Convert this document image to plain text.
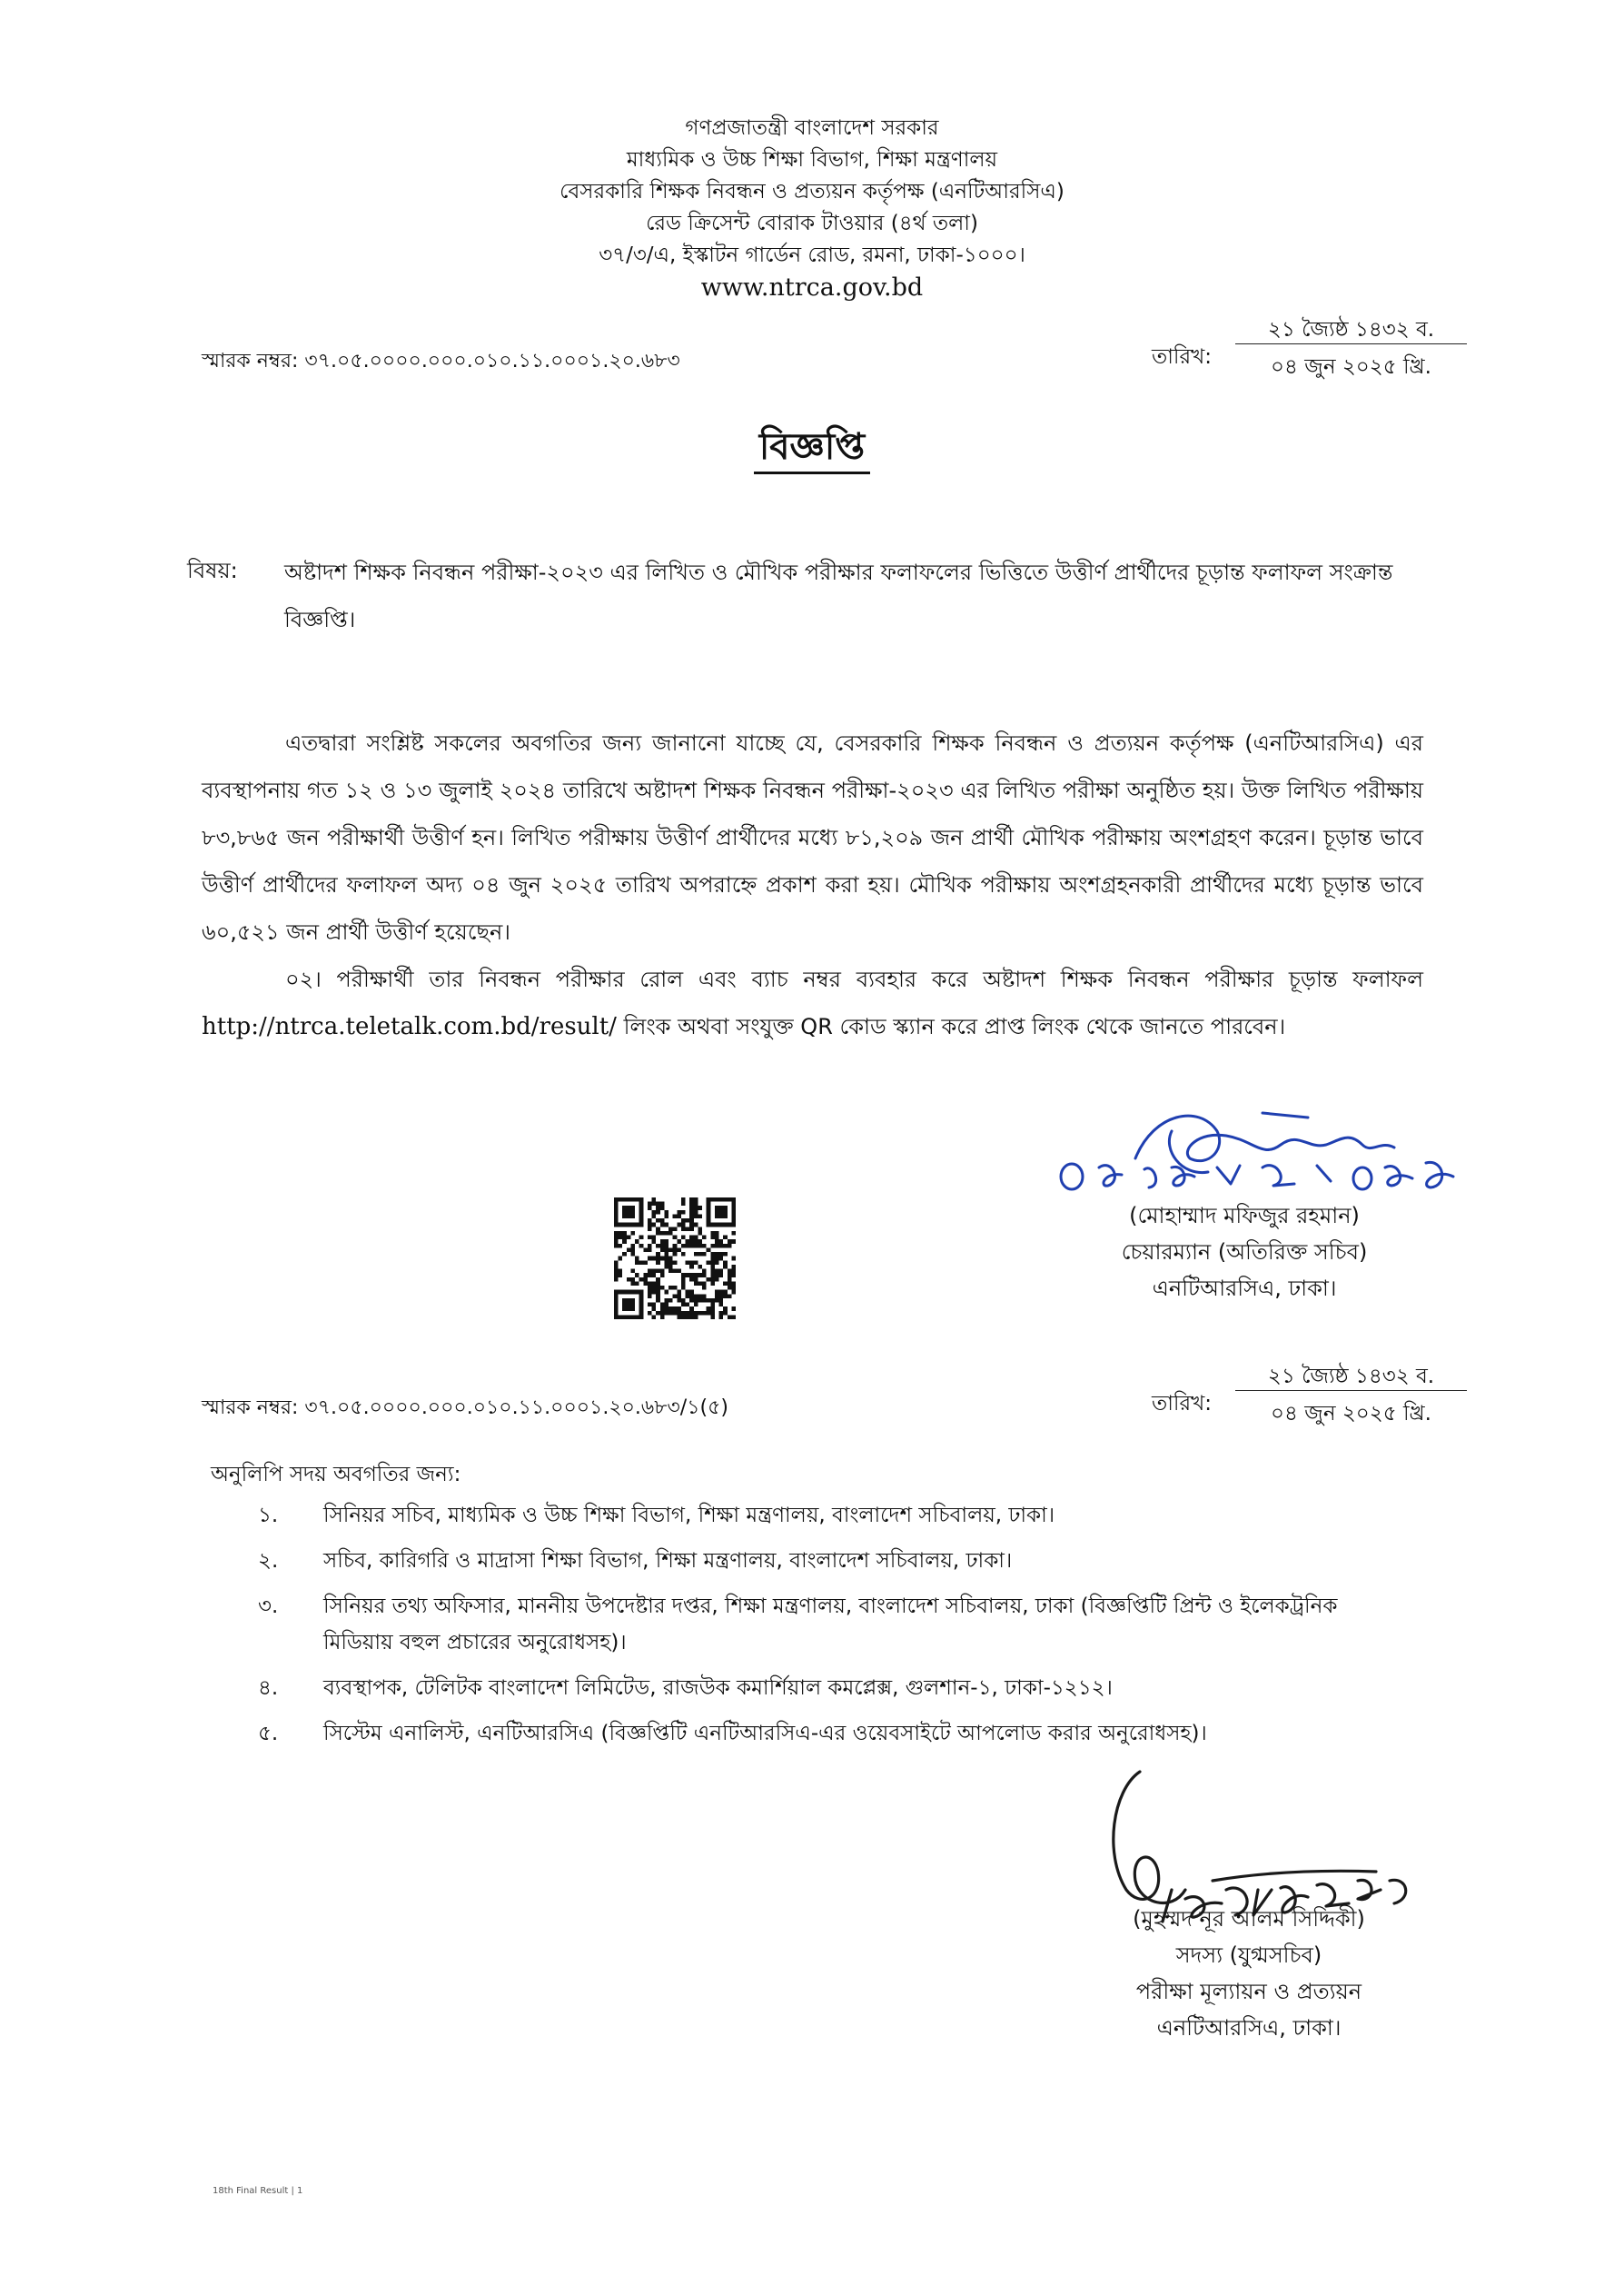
গণপ্রজাতন্ত্রী বাংলাদেশ সরকার
মাধ্যমিক ও উচ্চ শিক্ষা বিভাগ, শিক্ষা মন্ত্রণালয়
বেসরকারি শিক্ষক নিবন্ধন ও প্রত্যয়ন কর্তৃপক্ষ (এনটিআরসিএ)
রেড ক্রিসেন্ট বোরাক টাওয়ার (৪র্থ তলা)
৩৭/৩/এ, ইস্কাটন গার্ডেন রোড, রমনা, ঢাকা-১০০০।
www.ntrca.gov.bd
স্মারক নম্বর: ৩৭.০৫.০০০০.০০০.০১০.১১.০০০১.২০.৬৮৩	তারিখ:
২১ জ্যৈষ্ঠ ১৪৩২ ব.
০৪ জুন ২০২৫ খ্রি.
বিজ্ঞপ্তি
বিষয়: অষ্টাদশ শিক্ষক নিবন্ধন পরীক্ষা-২০২৩ এর লিখিত ও মৌখিক পরীক্ষার ফলাফলের ভিত্তিতে উত্তীর্ণ প্রার্থীদের চূড়ান্ত ফলাফল সংক্রান্ত বিজ্ঞপ্তি।
এতদ্বারা সংশ্লিষ্ট সকলের অবগতির জন্য জানানো যাচ্ছে যে, বেসরকারি শিক্ষক নিবন্ধন ও প্রত্যয়ন কর্তৃপক্ষ (এনটিআরসিএ) এর ব্যবস্থাপনায় গত ১২ ও ১৩ জুলাই ২০২৪ তারিখে অষ্টাদশ শিক্ষক নিবন্ধন পরীক্ষা-২০২৩ এর লিখিত পরীক্ষা অনুষ্ঠিত হয়। উক্ত লিখিত পরীক্ষায় ৮৩,৮৬৫ জন পরীক্ষার্থী উত্তীর্ণ হন। লিখিত পরীক্ষায় উত্তীর্ণ প্রার্থীদের মধ্যে ৮১,২০৯ জন প্রার্থী মৌখিক পরীক্ষায় অংশগ্রহণ করেন। চূড়ান্ত ভাবে উত্তীর্ণ প্রার্থীদের ফলাফল অদ্য ০৪ জুন ২০২৫ তারিখ অপরাহ্নে প্রকাশ করা হয়। মৌখিক পরীক্ষায় অংশগ্রহনকারী প্রার্থীদের মধ্যে চূড়ান্ত ভাবে ৬০,৫২১ জন প্রার্থী উত্তীর্ণ হয়েছেন।
০২। পরীক্ষার্থী তার নিবন্ধন পরীক্ষার রোল এবং ব্যাচ নম্বর ব্যবহার করে অষ্টাদশ শিক্ষক নিবন্ধন পরীক্ষার চূড়ান্ত ফলাফল http://ntrca.teletalk.com.bd/result/ লিংক অথবা সংযুক্ত QR কোড স্ক্যান করে প্রাপ্ত লিংক থেকে জানতে পারবেন।
(মোহাম্মাদ মফিজুর রহমান)
চেয়ারম্যান (অতিরিক্ত সচিব)
এনটিআরসিএ, ঢাকা।
স্মারক নম্বর: ৩৭.০৫.০০০০.০০০.০১০.১১.০০০১.২০.৬৮৩/১(৫)	তারিখ:
২১ জ্যৈষ্ঠ ১৪৩২ ব.
০৪ জুন ২০২৫ খ্রি.
অনুলিপি সদয় অবগতির জন্য:
১.	সিনিয়র সচিব, মাধ্যমিক ও উচ্চ শিক্ষা বিভাগ, শিক্ষা মন্ত্রণালয়, বাংলাদেশ সচিবালয়, ঢাকা।
২.	সচিব, কারিগরি ও মাদ্রাসা শিক্ষা বিভাগ, শিক্ষা মন্ত্রণালয়, বাংলাদেশ সচিবালয়, ঢাকা।
৩.	সিনিয়র তথ্য অফিসার, মাননীয় উপদেষ্টার দপ্তর, শিক্ষা মন্ত্রণালয়, বাংলাদেশ সচিবালয়, ঢাকা (বিজ্ঞপ্তিটি প্রিন্ট ও ইলেকট্রনিক মিডিয়ায় বহুল প্রচারের অনুরোধসহ)।
৪.	ব্যবস্থাপক, টেলিটক বাংলাদেশ লিমিটেড, রাজউক কমার্শিয়াল কমপ্লেক্স, গুলশান-১, ঢাকা-১২১২।
৫.	সিস্টেম এনালিস্ট, এনটিআরসিএ (বিজ্ঞপ্তিটি এনটিআরসিএ-এর ওয়েবসাইটে আপলোড করার অনুরোধসহ)।
(মুহম্মদ নূর আলম সিদ্দিকী)
সদস্য (যুগ্মসচিব)
পরীক্ষা মূল্যায়ন ও প্রত্যয়ন
এনটিআরসিএ, ঢাকা।
18th Final Result | 1
